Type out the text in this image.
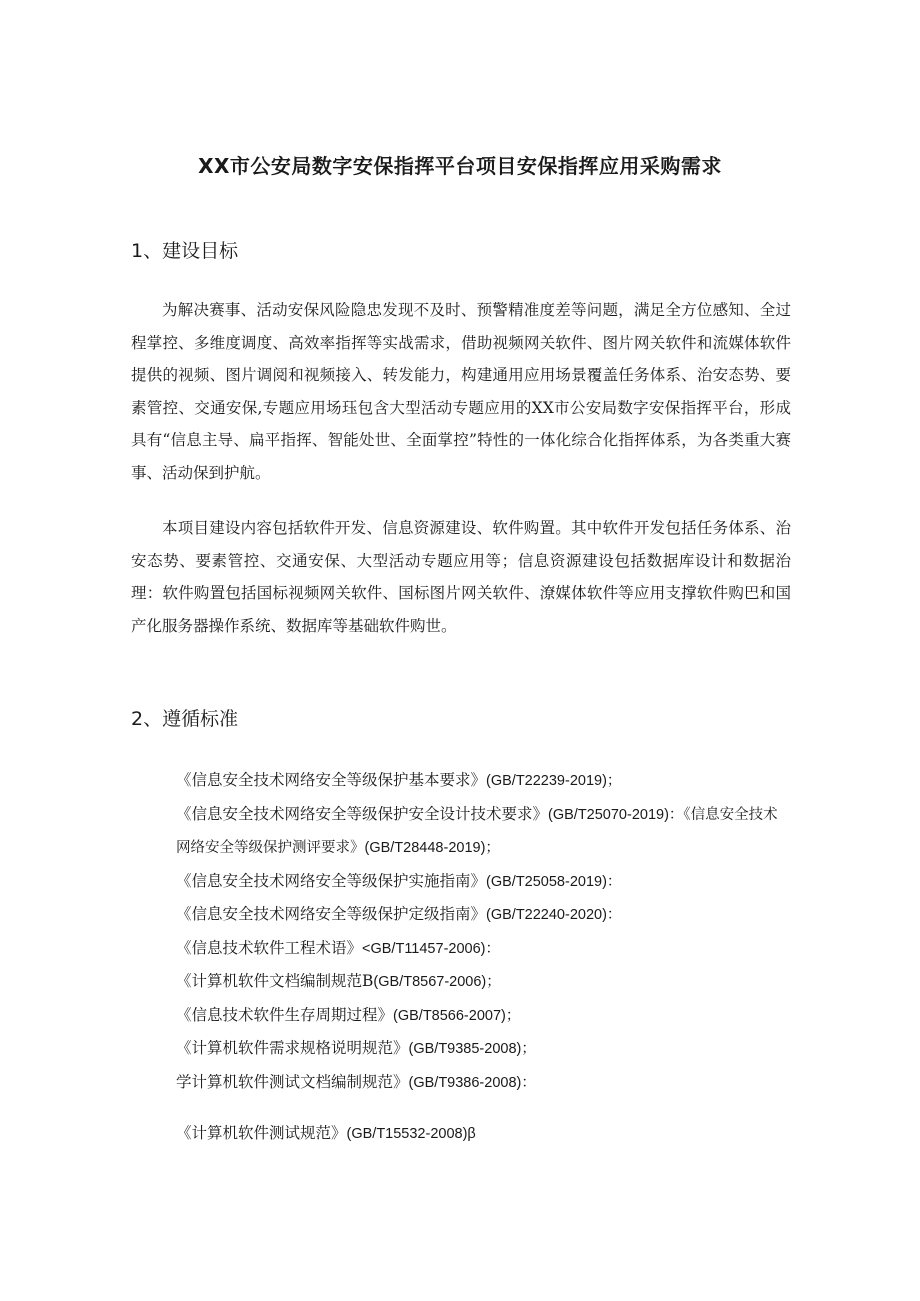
XX市公安局数字安保指挥平台项目安保指挥应用采购需求
1、建设目标

为解决赛事、活动安保风险隐忠发现不及时、预警精准度差等问题，满足全方位感知、全过程掌控、多维度调度、高效率指挥等实战需求，借助视频网关软件、图片网关软件和流媒体软件提供的视频、图片调阅和视频接入、转发能力，构建通用应用场景覆盖任务体系、治安态势、要素管控、交通安保,专题应用场珏包含大型活动专题应用的XX市公安局数字安保指挥平台，形成具有“信息主导、扁平指挥、智能处世、全面掌控”特性的一体化综合化指挥体系，为各类重大赛事、活动保到护航。

本项目建设内容包括软件开发、信息资源建设、软件购置。其中软件开发包括任务体系、治安态势、要素管控、交通安保、大型活动专题应用等；信息资源建设包括数据库设计和数据治理：软件购置包括国标视频网关软件、国标图片网关软件、潦媒体软件等应用支撑软件购巴和国产化服务器操作系统、数据库等基础软件购世。

2、遵循标准
《信息安全技术网络安全等级保护基本要求》(GB/T22239-2019)；
《信息安全技术网络安全等级保护安全设计技术要求》(GB/T25070-2019)：《信息安全技术网络安全等级保护测评要求》(GB/T28448-2019)；
《信息安全技术网络安全等级保护实施指南》(GB/T25058-2019)：
《信息安全技术网络安全等级保护定级指南》(GB/T22240-2020)：
《信息技术软件工程术语》<GB/T11457-2006)：
《计算机软件文档编制规范B(GB/T8567-2006)；
《信息技术软件生存周期过程》(GB/T8566-2007)；
《计算机软件需求规格说明规范》(GB/T9385-2008)；
学计算机软件测试文档编制规范》(GB/T9386-2008)：
《计算机软件测试规范》(GB/T15532-2008)β
